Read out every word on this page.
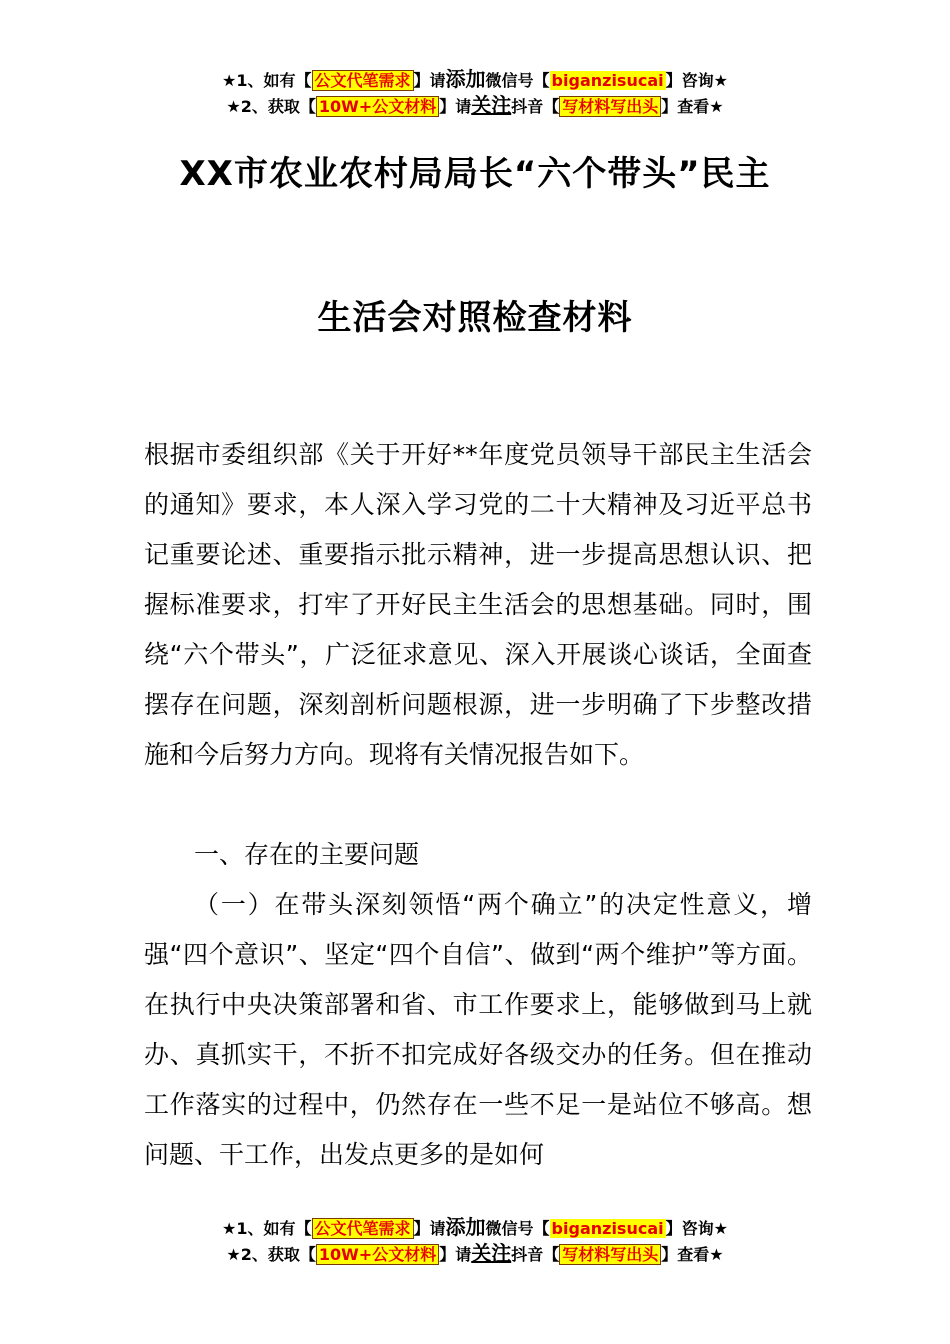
★1、如有【 公文代笔需求 】请添加微信号【 biganzisucai 】咨询★
★2、获取【 10W+公文材料 】请关注抖音【 写材料写出头 】查看★
XX市农业农村局局长“六个带头”民主
生活会对照检查材料
根据市委组织部《关于开好**年度党员领导干部民主生活会的通知》要求，本人深入学习党的二十大精神及习近平总书记重要论述、重要指示批示精神，进一步提高思想认识、把握标准要求，打牢了开好民主生活会的思想基础。同时，围绕“六个带头”，广泛征求意见、深入开展谈心谈话，全面查摆存在问题，深刻剖析问题根源，进一步明确了下步整改措施和今后努力方向。现将有关情况报告如下。
一、存在的主要问题
（一）在带头深刻领悟“两个确立”的决定性意义，增强“四个意识”、坚定“四个自信”、做到“两个维护”等方面。在执行中央决策部署和省、市工作要求上，能够做到马上就办、真抓实干，不折不扣完成好各级交办的任务。但在推动工作落实的过程中，仍然存在一些不足一是站位不够高。想问题、干工作，出发点更多的是如何
★1、如有【 公文代笔需求 】请添加微信号【 biganzisucai 】咨询★
★2、获取【 10W+公文材料 】请关注抖音【 写材料写出头 】查看★
